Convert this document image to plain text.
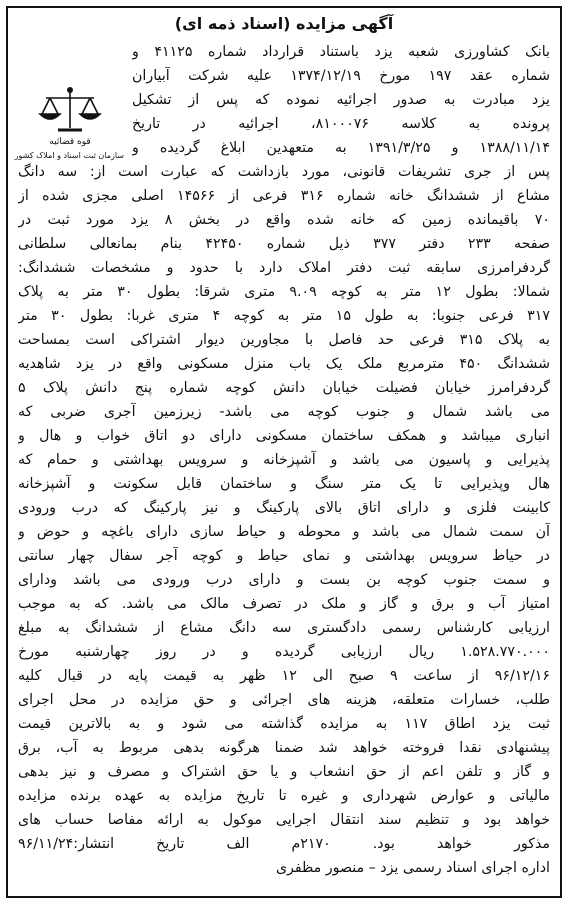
آگهی مزایده (اسناد ذمه ای)
قوه قضائیه
سازمان ثبت اسناد و املاک کشور
بانک کشاورزی شعبه یزد باستناد قرارداد شماره ۴۱۱۲۵ و
شماره عقد ۱۹۷ مورخ ۱۳۷۴/۱۲/۱۹ علیه شرکت آبیاران
یزد مبادرت به صدور اجرائیه نموده که پس از تشکیل
پرونده به کلاسه ۸۱۰۰۰۷۶، اجرائیه در تاریخ
۱۳۸۸/۱۱/۱۴ و ۱۳۹۱/۳/۲۵ به متعهدین ابلاغ گردیده و
پس از جری تشریفات قانونی، مورد بازداشت که عبارت است از: سه دانگ
مشاع از ششدانگ خانه شماره ۳۱۶ فرعی از ۱۴۵۶۶ اصلی مجزی شده از
۷۰ باقیمانده زمین که خانه شده واقع در بخش ۸ یزد مورد ثبت در
صفحه ۲۳۳ دفتر ۳۷۷ ذیل شماره ۴۲۴۵۰ بنام بمانعالی سلطانی
گردفرامرزی سابقه ثبت دفتر املاک دارد با حدود و مشخصات ششدانگ:
شمالا: بطول ۱۲ متر به کوچه ۹.۰۹ متری شرقا: بطول ۳۰ متر به پلاک
۳۱۷ فرعی جنوبا: به طول ۱۵ متر به کوچه ۴ متری غربا: بطول ۳۰ متر
به پلاک ۳۱۵ فرعی حد فاصل با مجاورین دیوار اشتراکی است بمساحت
ششدانگ ۴۵۰ مترمربع ملک یک باب منزل مسکونی واقع در یزد شاهدیه
گردفرامرز خیابان فضیلت خیابان دانش کوچه شماره پنج دانش پلاک ۵
می باشد شمال و جنوب کوچه می باشد- زیرزمین آجری ضربی که
انباری میباشد و همکف ساختمان مسکونی دارای دو اتاق خواب و هال و
پذیرایی و پاسیون می باشد و آشپزخانه و سرویس بهداشتی و حمام که
هال وپذیرایی تا یک متر سنگ و ساختمان قابل سکونت و آشپزخانه
کابینت فلزی و دارای اتاق بالای پارکینگ و نیز پارکینگ که درب ورودی
آن سمت شمال می باشد و محوطه و حیاط سازی دارای باغچه و حوض و
در حیاط سرویس بهداشتی و نمای حیاط و کوچه آجر سفال چهار سانتی
و سمت جنوب کوچه بن بست و دارای درب ورودی می باشد ودارای
امتیاز آب و برق و گاز و ملک در تصرف مالک می باشد. که به موجب
ارزیابی کارشناس رسمی دادگستری سه دانگ مشاع از ششدانگ به مبلغ
۱.۵۲۸.۷۷۰.۰۰۰ ریال ارزیابی گردیده و در روز چهارشنبه مورخ
۹۶/۱۲/۱۶ از ساعت ۹ صبح الی ۱۲ ظهر به قیمت پایه در قبال کلیه
طلب، خسارات متعلقه، هزینه های اجرائی و حق مزایده در محل اجرای
ثبت یزد اطاق ۱۱۷ به مزایده گذاشته می شود و به بالاترین قیمت
پیشنهادی نقدا فروخته خواهد شد ضمنا هرگونه بدهی مربوط به آب، برق
و گاز و تلفن اعم از حق انشعاب و یا حق اشتراک و مصرف و نیز بدهی
مالیاتی و عوارض شهرداری و غیره تا تاریخ مزایده به عهده برنده مزایده
خواهد بود و تنظیم سند انتقال اجرایی موکول به ارائه مفاصا حساب های
مذکور خواهد بود. ۲۱۷۰م الف تاریخ انتشار:۹۶/۱۱/۲۴
اداره اجرای اسناد رسمی یزد – منصور مظفری
